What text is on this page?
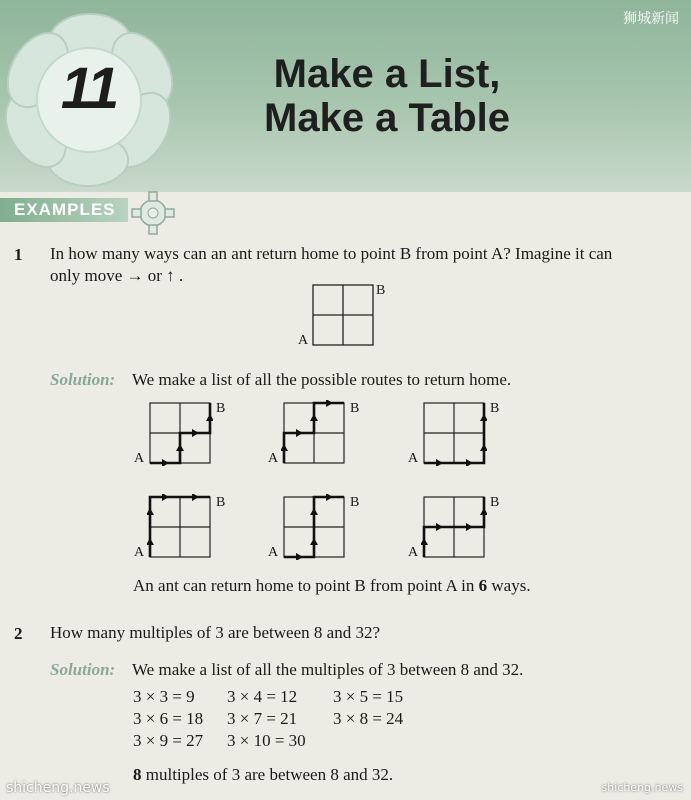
11	Make a List,
Make a Table
狮城新闻
EXAMPLES
1 In how many ways can an ant return home to point B from point A? Imagine it can
only move → or ↑ .
B
A
Solution: We make a list of all the possible routes to return home.
A
B
A
B
A
B
A
B
A
B
A
B
An ant can return home to point B from point A in 6 ways.
2 How many multiples of 3 are between 8 and 32?
Solution: We make a list of all the multiples of 3 between 8 and 32.
3 × 3 = 9 3 × 4 = 12 3 × 5 = 15
3 × 6 = 18 3 × 7 = 21 3 × 8 = 24
3 × 9 = 27 3 × 10 = 30
8 multiples of 3 are between 8 and 32.
shicheng.news	shicheng.news
